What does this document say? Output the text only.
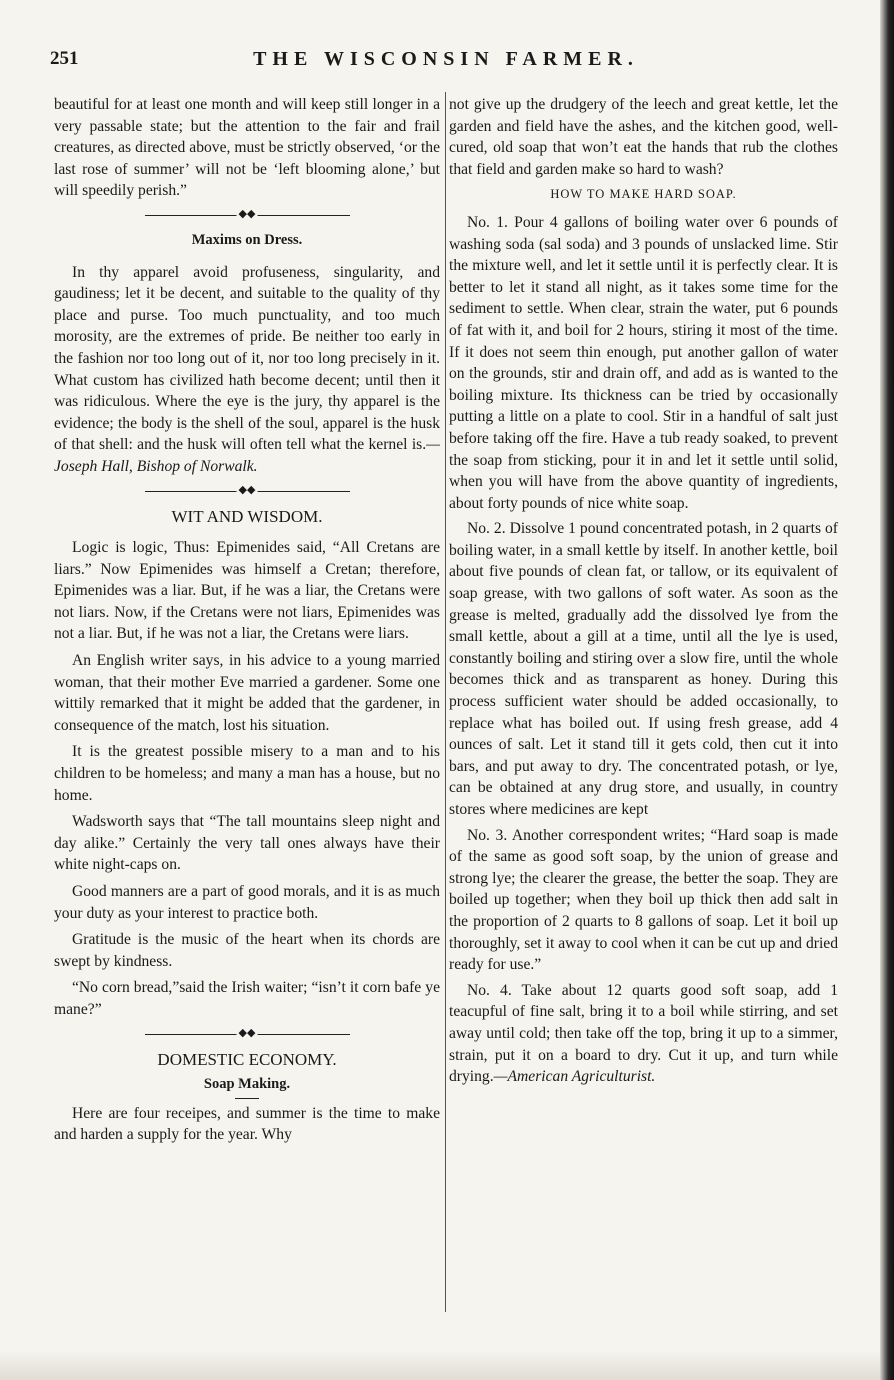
251	THE WISCONSIN FARMER.

beautiful for at least one month and will keep still longer in a very passable state; but the attention to the fair and frail creatures, as directed above, must be strictly observed, ‘or the last rose of summer’ will not be ‘left blooming alone,’ but will speedily perish.”

◆◆
Maxims on Dress.

In thy apparel avoid profuseness, singularity, and gaudiness; let it be decent, and suitable to the quality of thy place and purse. Too much punctuality, and too much morosity, are the extremes of pride. Be neither too early in the fashion nor too long out of it, nor too long precisely in it. What custom has civilized hath become decent; until then it was ridiculous. Where the eye is the jury, thy apparel is the evidence; the body is the shell of the soul, apparel is the husk of that shell: and the husk will often tell what the kernel is.—Joseph Hall, Bishop of Norwalk.

◆◆
WIT AND WISDOM.

Logic is logic, Thus: Epimenides said, “All Cretans are liars.” Now Epimenides was himself a Cretan; therefore, Epimenides was a liar. But, if he was a liar, the Cretans were not liars. Now, if the Cretans were not liars, Epimenides was not a liar. But, if he was not a liar, the Cretans were liars.

An English writer says, in his advice to a young married woman, that their mother Eve married a gardener. Some one wittily remarked that it might be added that the gardener, in consequence of the match, lost his situation.

It is the greatest possible misery to a man and to his children to be homeless; and many a man has a house, but no home.

Wadsworth says that “The tall mountains sleep night and day alike.” Certainly the very tall ones always have their white night-caps on.

Good manners are a part of good morals, and it is as much your duty as your interest to practice both.

Gratitude is the music of the heart when its chords are swept by kindness.

“No corn bread,”said the Irish waiter; “isn’t it corn bafe ye mane?”

◆◆
DOMESTIC ECONOMY.
Soap Making.

Here are four receipes, and summer is the time to make and harden a supply for the year. Why

not give up the drudgery of the leech and great kettle, let the garden and field have the ashes, and the kitchen good, well-cured, old soap that won’t eat the hands that rub the clothes that field and garden make so hard to wash?

HOW TO MAKE HARD SOAP.

No. 1. Pour 4 gallons of boiling water over 6 pounds of washing soda (sal soda) and 3 pounds of unslacked lime. Stir the mixture well, and let it settle until it is perfectly clear. It is better to let it stand all night, as it takes some time for the sediment to settle. When clear, strain the water, put 6 pounds of fat with it, and boil for 2 hours, stiring it most of the time. If it does not seem thin enough, put another gallon of water on the grounds, stir and drain off, and add as is wanted to the boiling mixture. Its thickness can be tried by occasionally putting a little on a plate to cool. Stir in a handful of salt just before taking off the fire. Have a tub ready soaked, to prevent the soap from sticking, pour it in and let it settle until solid, when you will have from the above quantity of ingredients, about forty pounds of nice white soap.

No. 2. Dissolve 1 pound concentrated potash, in 2 quarts of boiling water, in a small kettle by itself. In another kettle, boil about five pounds of clean fat, or tallow, or its equivalent of soap grease, with two gallons of soft water. As soon as the grease is melted, gradually add the dissolved lye from the small kettle, about a gill at a time, until all the lye is used, constantly boiling and stiring over a slow fire, until the whole becomes thick and as transparent as honey. During this process sufficient water should be added occasionally, to replace what has boiled out. If using fresh grease, add 4 ounces of salt. Let it stand till it gets cold, then cut it into bars, and put away to dry. The concentrated potash, or lye, can be obtained at any drug store, and usually, in country stores where medicines are kept

No. 3. Another correspondent writes; “Hard soap is made of the same as good soft soap, by the union of grease and strong lye; the clearer the grease, the better the soap. They are boiled up together; when they boil up thick then add salt in the proportion of 2 quarts to 8 gallons of soap. Let it boil up thoroughly, set it away to cool when it can be cut up and dried ready for use.”

No. 4. Take about 12 quarts good soft soap, add 1 teacupful of fine salt, bring it to a boil while stirring, and set away until cold; then take off the top, bring it up to a simmer, strain, put it on a board to dry. Cut it up, and turn while drying.—American Agriculturist.
